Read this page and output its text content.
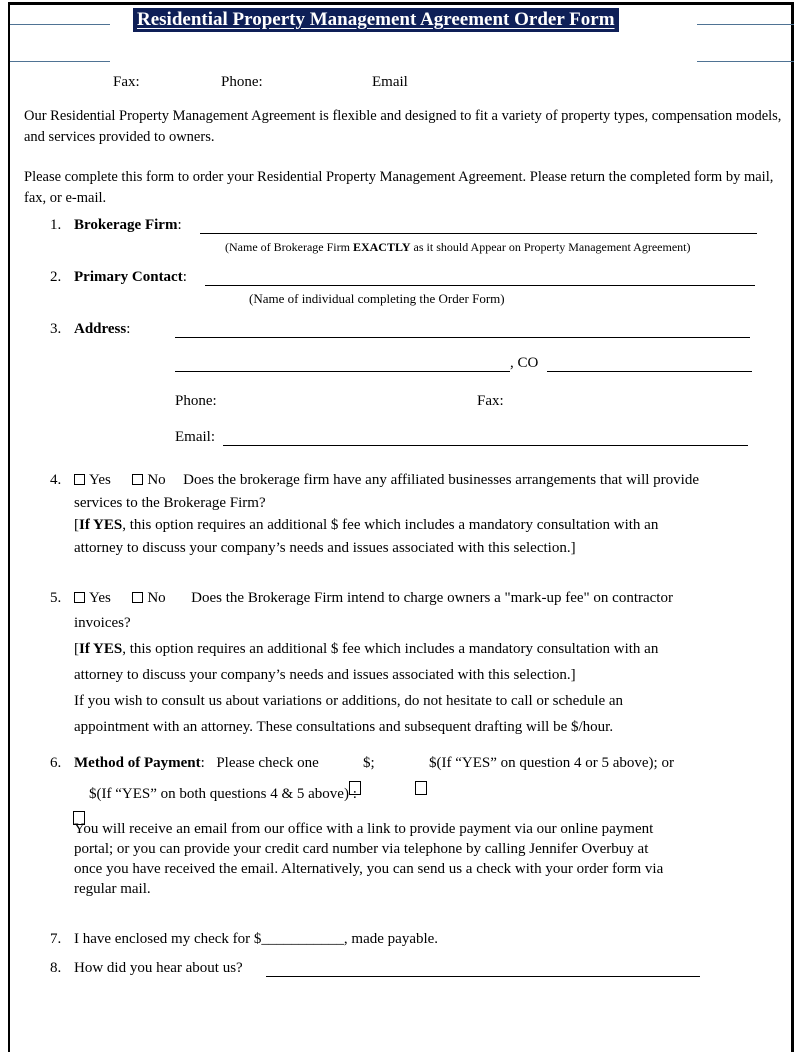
Residential Property Management Agreement Order Form
Fax:	Phone:	Email
Our Residential Property Management Agreement is flexible and designed to fit a variety of property types, compensation models, and services provided to owners.
Please complete this form to order your Residential Property Management Agreement. Please return the completed form by mail, fax, or e-mail.
1. Brokerage Firm:
(Name of Brokerage Firm EXACTLY as it should Appear on Property Management Agreement)
2. Primary Contact:
(Name of individual completing the Order Form)
3. Address:
, CO
Phone:	Fax:
Email:
4.	Yes No Does the brokerage firm have any affiliated businesses arrangements that will provide
services to the Brokerage Firm?
[If YES, this option requires an additional $ fee which includes a mandatory consultation with an
attorney to discuss your company’s needs and issues associated with this selection.]
5.	Yes No Does the Brokerage Firm intend to charge owners a "mark-up fee" on contractor
invoices?
[If YES, this option requires an additional $ fee which includes a mandatory consultation with an
attorney to discuss your company’s needs and issues associated with this selection.]
If you wish to consult us about variations or additions, do not hesitate to call or schedule an
appointment with an attorney. These consultations and subsequent drafting will be $/hour.
6. Method of Payment: Please check one	$;	$(If “YES” on question 4 or 5 above); or
$(If “YES” on both questions 4 & 5 above) :
You will receive an email from our office with a link to provide payment via our online payment
portal; or you can provide your credit card number via telephone by calling Jennifer Overbuy at
once you have received the email. Alternatively, you can send us a check with your order form via
regular mail.
7. I have enclosed my check for $___________, made payable.
8. How did you hear about us?
